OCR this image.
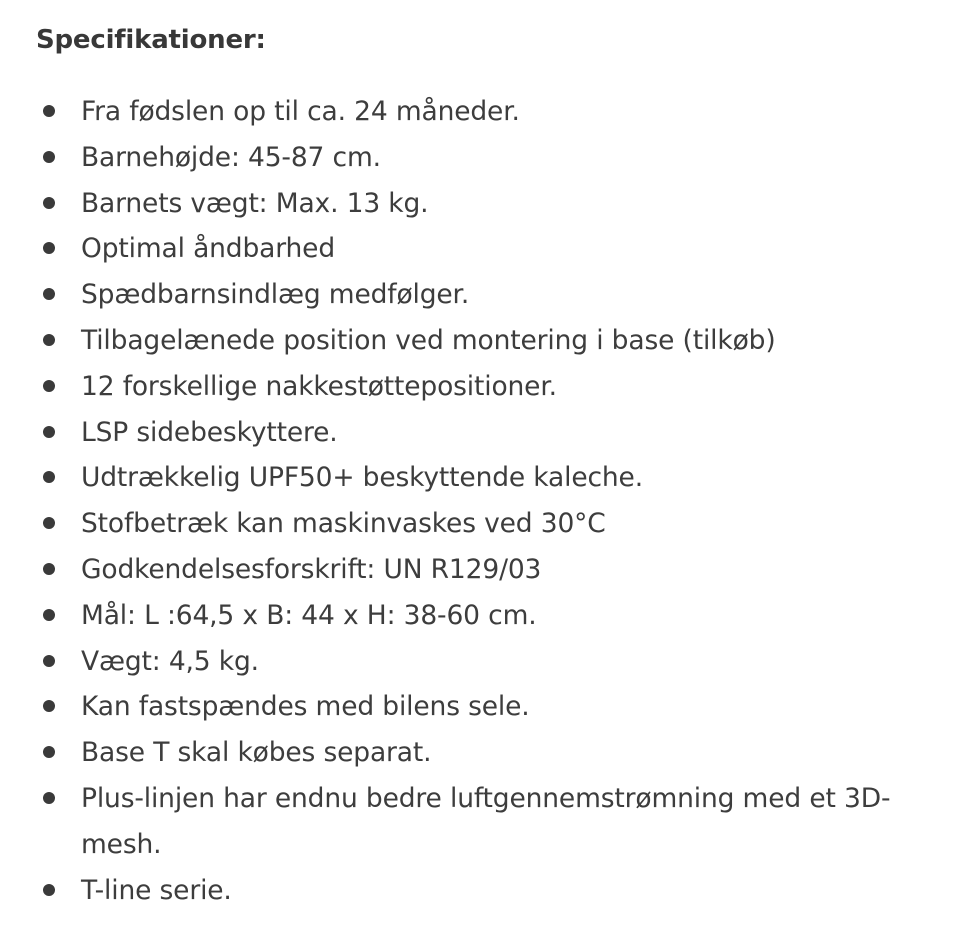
Specifikationer:
Fra fødslen op til ca. 24 måneder.
Barnehøjde: 45-87 cm.
Barnets vægt: Max. 13 kg.
Optimal åndbarhed
Spædbarnsindlæg medfølger.
Tilbagelænede position ved montering i base (tilkøb)
12 forskellige nakkestøttepositioner.
LSP sidebeskyttere.
Udtrækkelig UPF50+ beskyttende kaleche.
Stofbetræk kan maskinvaskes ved 30°C
Godkendelsesforskrift: UN R129/03
Mål: L :64,5 x B: 44 x H: 38-60 cm.
Vægt: 4,5 kg.
Kan fastspændes med bilens sele.
Base T skal købes separat.
Plus-linjen har endnu bedre luftgennemstrømning med et 3D-mesh.
T-line serie.
